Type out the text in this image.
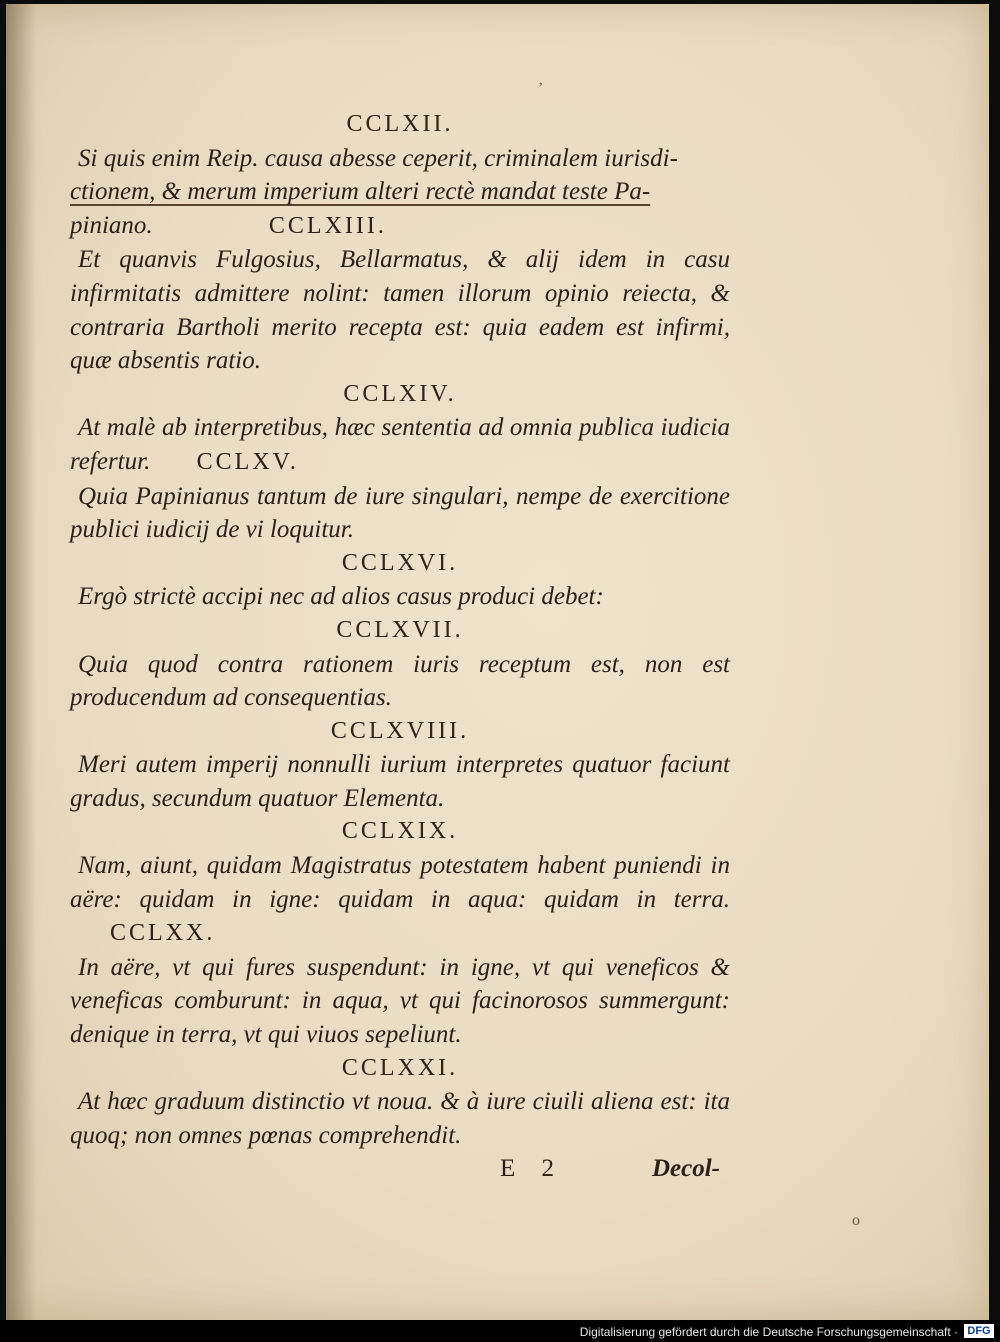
’
ο

CCLXII.

Si quis enim Reip. causa abesse ceperit, criminalem iurisdi-
ctionem, & merum imperium alteri rectè mandat teste Pa-
piniano.	CCLXIII.

Et quanvis Fulgosius, Bellarmatus, & alij idem in casu infirmitatis admittere nolint: tamen illorum opinio reiecta, & contraria Bartholi merito recepta est: quia eadem est infirmi, quæ absentis ratio.

CCLXIV.

At malè ab interpretibus, hæc sententia ad omnia publica iudicia refertur. CCLXV.

Quia Papinianus tantum de iure singulari, nempe de exercitione publici iudicij de vi loquitur.

CCLXVI.

Ergò strictè accipi nec ad alios casus produci debet:

CCLXVII.

Quia quod contra rationem iuris receptum est, non est producendum ad consequentias.

CCLXVIII.

Meri autem imperij nonnulli iurium interpretes quatuor faciunt gradus, secundum quatuor Elementa.

CCLXIX.

Nam, aiunt, quidam Magistratus potestatem habent puniendi in aëre: quidam in igne: quidam in aqua: quidam in terra. CCLXX.

In aëre, vt qui fures suspendunt: in igne, vt qui veneficos & veneficas comburunt: in aqua, vt qui facinorosos summergunt: denique in terra, vt qui viuos sepeliunt.

CCLXXI.

At hæc graduum distinctio vt noua. & à iure ciuili aliena est: ita quoq; non omnes pœnas comprehendit.

E 2	Decol-
Digitalisierung gefördert durch die Deutsche Forschungsgemeinschaft · DFG
